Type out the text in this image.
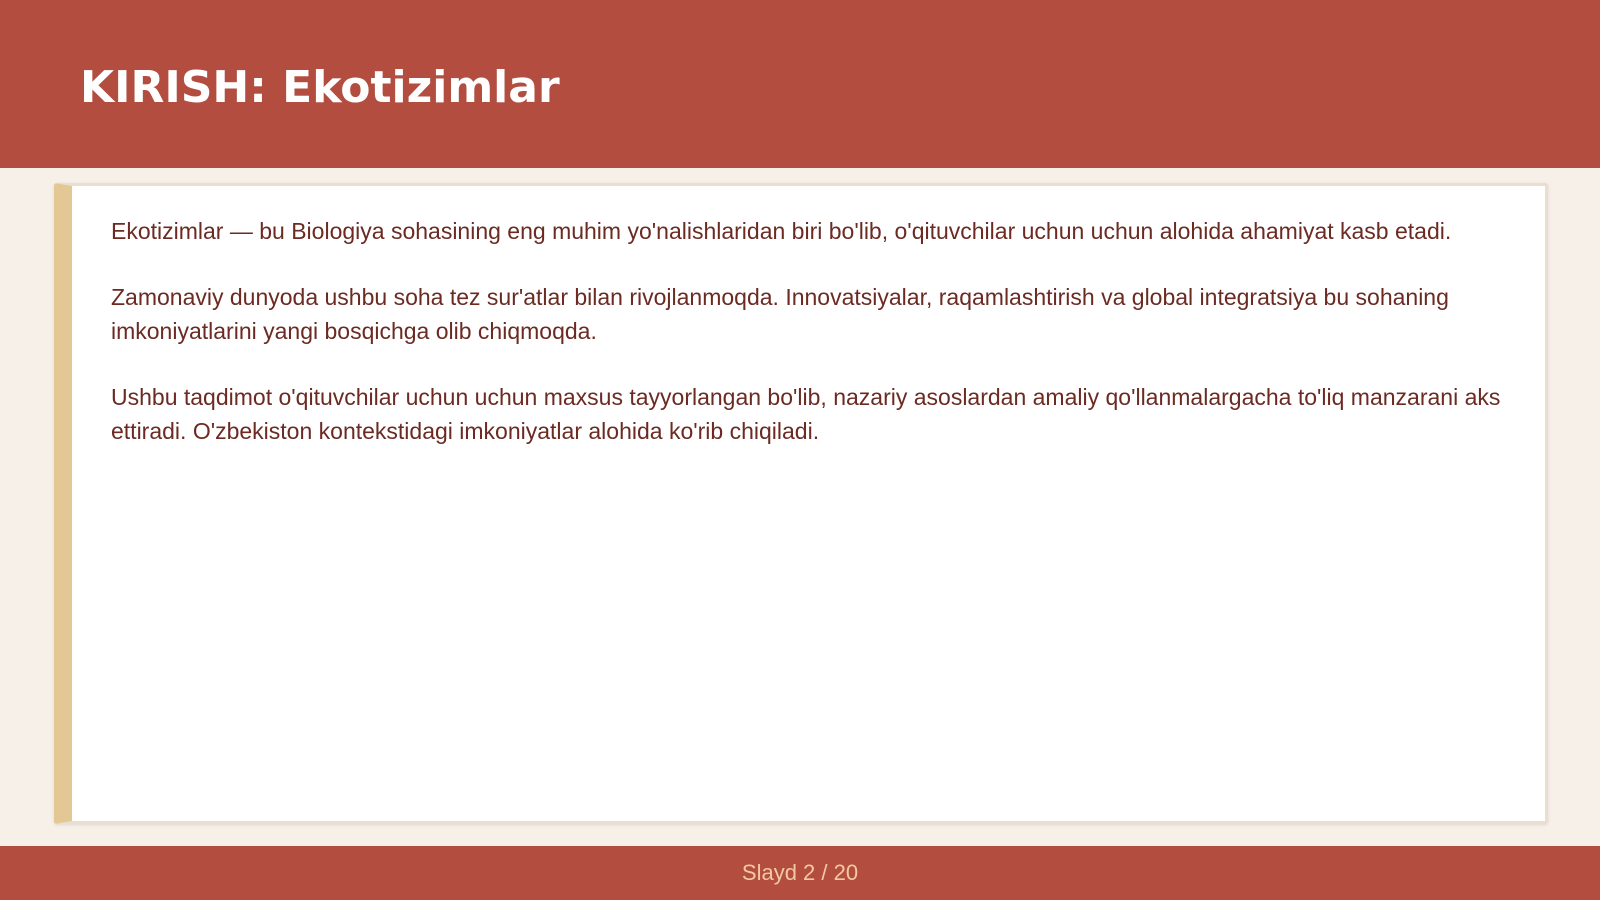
KIRISH: Ekotizimlar

Ekotizimlar — bu Biologiya sohasining eng muhim yo'nalishlaridan biri bo'lib, o'qituvchilar uchun uchun alohida ahamiyat kasb etadi.

Zamonaviy dunyoda ushbu soha tez sur'atlar bilan rivojlanmoqda. Innovatsiyalar, raqamlashtirish va global integratsiya bu sohaning imkoniyatlarini yangi bosqichga olib chiqmoqda.

Ushbu taqdimot o'qituvchilar uchun uchun maxsus tayyorlangan bo'lib, nazariy asoslardan amaliy qo'llanmalargacha to'liq manzarani aks ettiradi. O'zbekiston kontekstidagi imkoniyatlar alohida ko'rib chiqiladi.

Slayd 2 / 20
